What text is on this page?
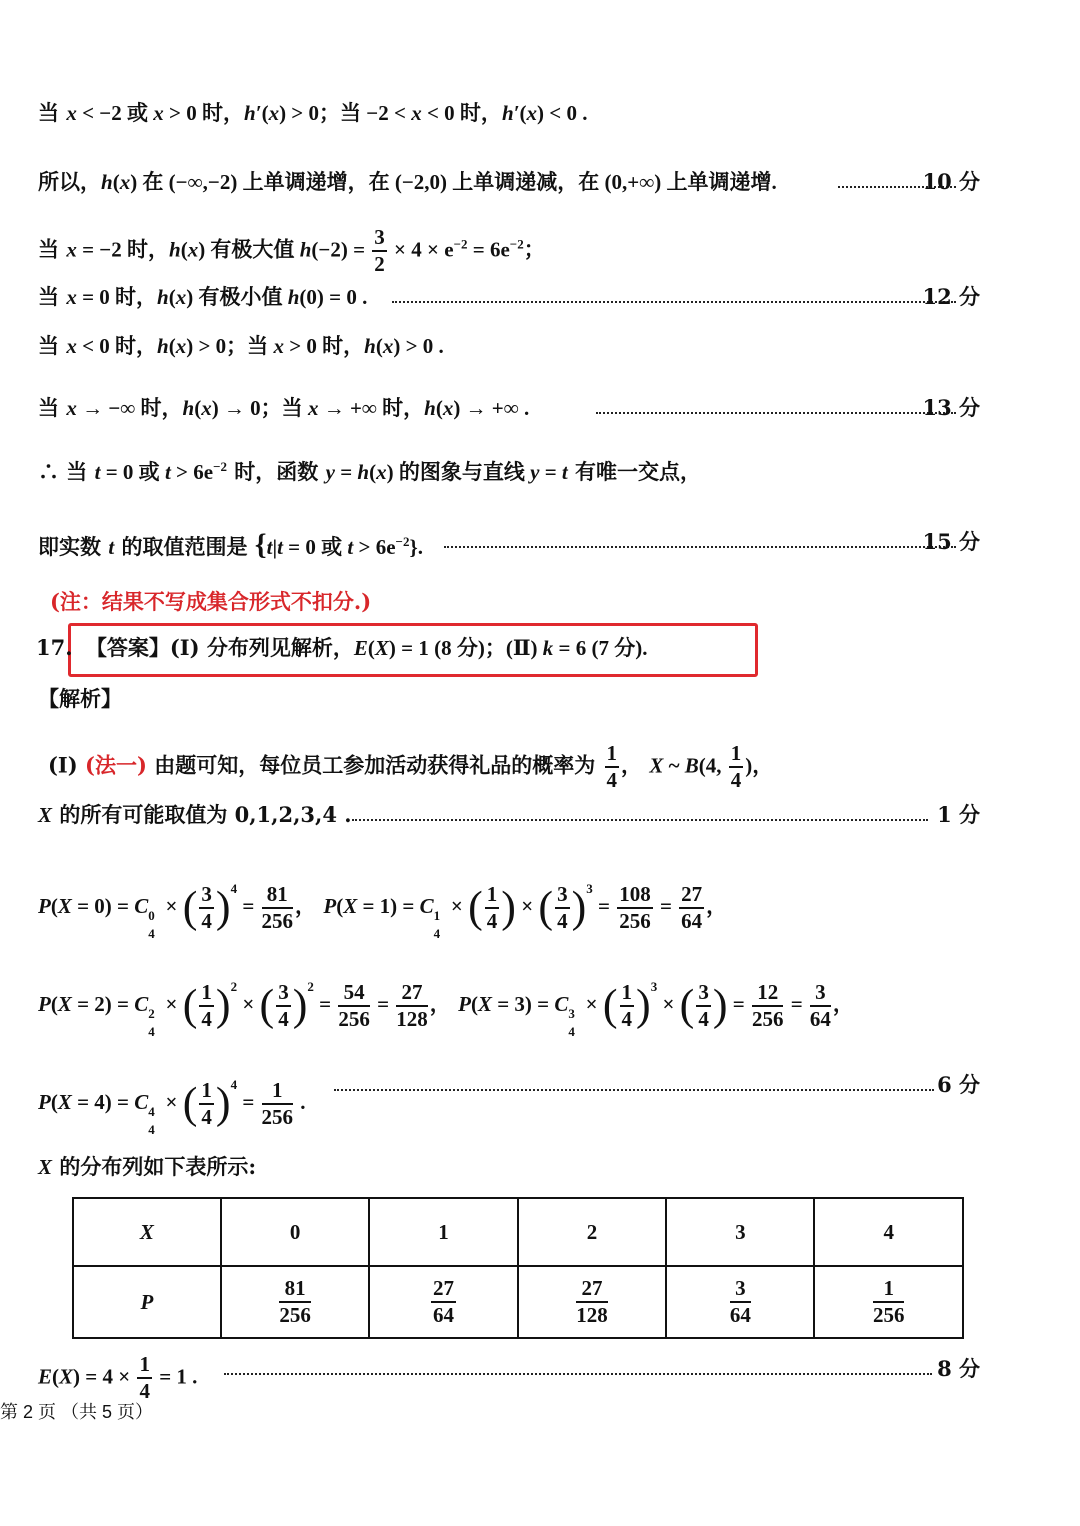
当 x < −2 或 x > 0 时，h′(x) > 0；当 −2 < x < 0 时，h′(x) < 0 .
所以，h(x) 在 (−∞,−2) 上单调递增，在 (−2,0) 上单调递减，在 (0,+∞) 上单调递增.	10 分
当 x = −2 时，h(x) 有极大值 $h(-2) = \frac{3}{2} \times 4 \times e^{-2} = 6e^{-2}$；
当 x = 0 时，h(x) 有极小值 h(0) = 0 .	12 分
当 x < 0 时，h(x) > 0；当 x > 0 时，h(x) > 0 .
当 x → −∞ 时，h(x) → 0；当 x → +∞ 时，h(x) → +∞ .	13 分
∴ 当 t = 0 或 $t > 6e^{-2}$ 时，函数 y = h(x) 的图象与直线 y = t 有唯一交点，
即实数 t 的取值范围是 {t|t = 0 或 $t > 6e^{-2}$}.	15 分
(注：结果不写成集合形式不扣分.)
17. 【答案】(Ⅰ) 分布列见解析，E(X) = 1 (8 分)；(Ⅱ) k = 6 (7 分).
【解析】
(Ⅰ) (法一) 由题可知，每位员工参加活动获得礼品的概率为 $\frac{1}{4}$ ， X ~ B(4, $\frac{1}{4}$ )，
X 的所有可能取值为 0,1,2,3,4 .	1 分
P(X = 0) = C 0
4
× ( $\frac{3}{4} )^4 = \frac{81}{256}$ ， P(X = 1) = C 1
4
× ( $\frac{1}{4}$ ) × ( $\frac{3}{4} )^3 = \frac{108}{256} = \frac{27}{64}$ ，
P(X = 2) = C 2
4
× ( $\frac{1}{4} )^2$ × ( $\frac{3}{4} )^2 = \frac{54}{256} = \frac{27}{128}$ ， P(X = 3) = C 3
4
× ( $\frac{1}{4} )^3$ × ( $\frac{3}{4}$ ) = $\frac{12}{256} = \frac{3}{64}$ ，
P(X = 4) = C 4
4
× ( $\frac{1}{4} )^4 = \frac{1}{256}$ .
6 分
X 的分布列如下表所示:
X	0	1	2	3	4
P	$\frac{81}{256}$	$\frac{27}{64}$	$\frac{27}{128}$	$\frac{3}{64}$	$\frac{1}{256}$
$E(X) = 4 \times \frac{1}{4} = 1$ .	8 分
第 2 页 （共 5 页）
